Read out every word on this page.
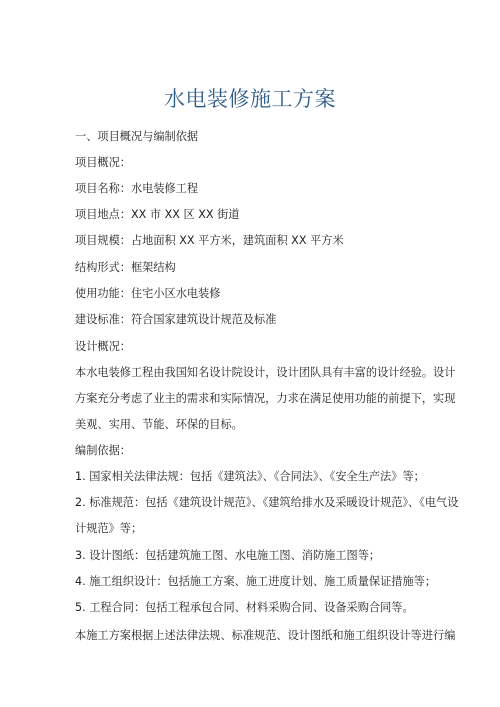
水电装修施工方案
一、项目概况与编制依据
项目概况：
项目名称：水电装修工程
项目地点：XX 市 XX 区 XX 街道
项目规模：占地面积 XX 平方米，建筑面积 XX 平方米
结构形式：框架结构
使用功能：住宅小区水电装修
建设标准：符合国家建筑设计规范及标准
设计概况：
本水电装修工程由我国知名设计院设计，设计团队具有丰富的设计经验。设计
方案充分考虑了业主的需求和实际情况，力求在满足使用功能的前提下，实现
美观、实用、节能、环保的目标。
编制依据：
1. 国家相关法律法规：包括《建筑法》、《合同法》、《安全生产法》等；
2. 标准规范：包括《建筑设计规范》、《建筑给排水及采暖设计规范》、《电气设
计规范》等；
3. 设计图纸：包括建筑施工图、水电施工图、消防施工图等；
4. 施工组织设计：包括施工方案、施工进度计划、施工质量保证措施等；
5. 工程合同：包括工程承包合同、材料采购合同、设备采购合同等。
本施工方案根据上述法律法规、标准规范、设计图纸和施工组织设计等进行编
